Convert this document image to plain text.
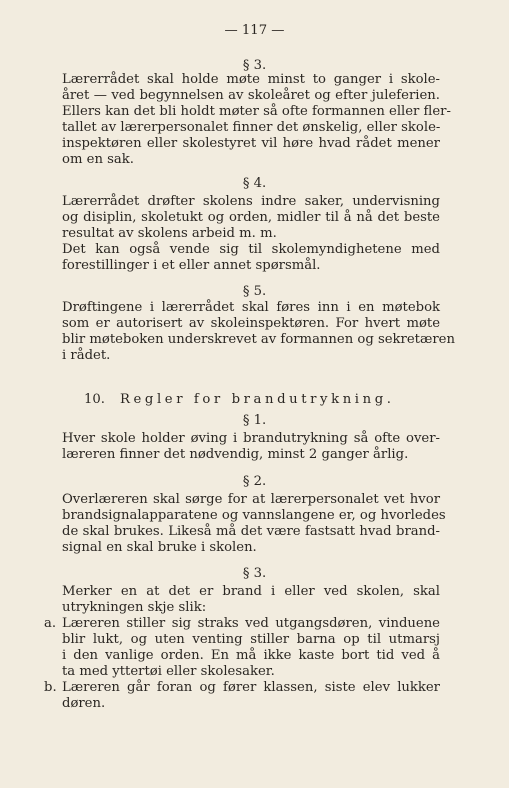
— 117 —
§ 3.
Lærerrådet skal holde møte minst to ganger i skole-
året — ved begynnelsen av skoleåret og efter juleferien.
Ellers kan det bli holdt møter så ofte formannen eller fler-
tallet av lærerpersonalet finner det ønskelig, eller skole-
inspektøren eller skolestyret vil høre hvad rådet mener
om en sak.
§ 4.
Lærerrådet drøfter skolens indre saker, undervisning
og disiplin, skoletukt og orden, midler til å nå det beste
resultat av skolens arbeid m. m.
Det kan også vende sig til skolemyndighetene med
forestillinger i et eller annet spørsmål.
§ 5.
Drøftingene i lærerrådet skal føres inn i en møtebok
som er autorisert av skoleinspektøren. For hvert møte
blir møteboken underskrevet av formannen og sekretæren
i rådet.
10. Regler for brandutrykning.
§ 1.
Hver skole holder øving i brandutrykning så ofte over-
læreren finner det nødvendig, minst 2 ganger årlig.
§ 2.
Overlæreren skal sørge for at lærerpersonalet vet hvor
brandsignalapparatene og vannslangene er, og hvorledes
de skal brukes. Likeså må det være fastsatt hvad brand-
signal en skal bruke i skolen.
§ 3.
Merker en at det er brand i eller ved skolen, skal
utrykningen skje slik:
a. Læreren stiller sig straks ved utgangsdøren, vinduene
blir lukt, og uten venting stiller barna op til utmarsj
i den vanlige orden. En må ikke kaste bort tid ved å
ta med yttertøi eller skolesaker.
b. Læreren går foran og fører klassen, siste elev lukker
døren.
